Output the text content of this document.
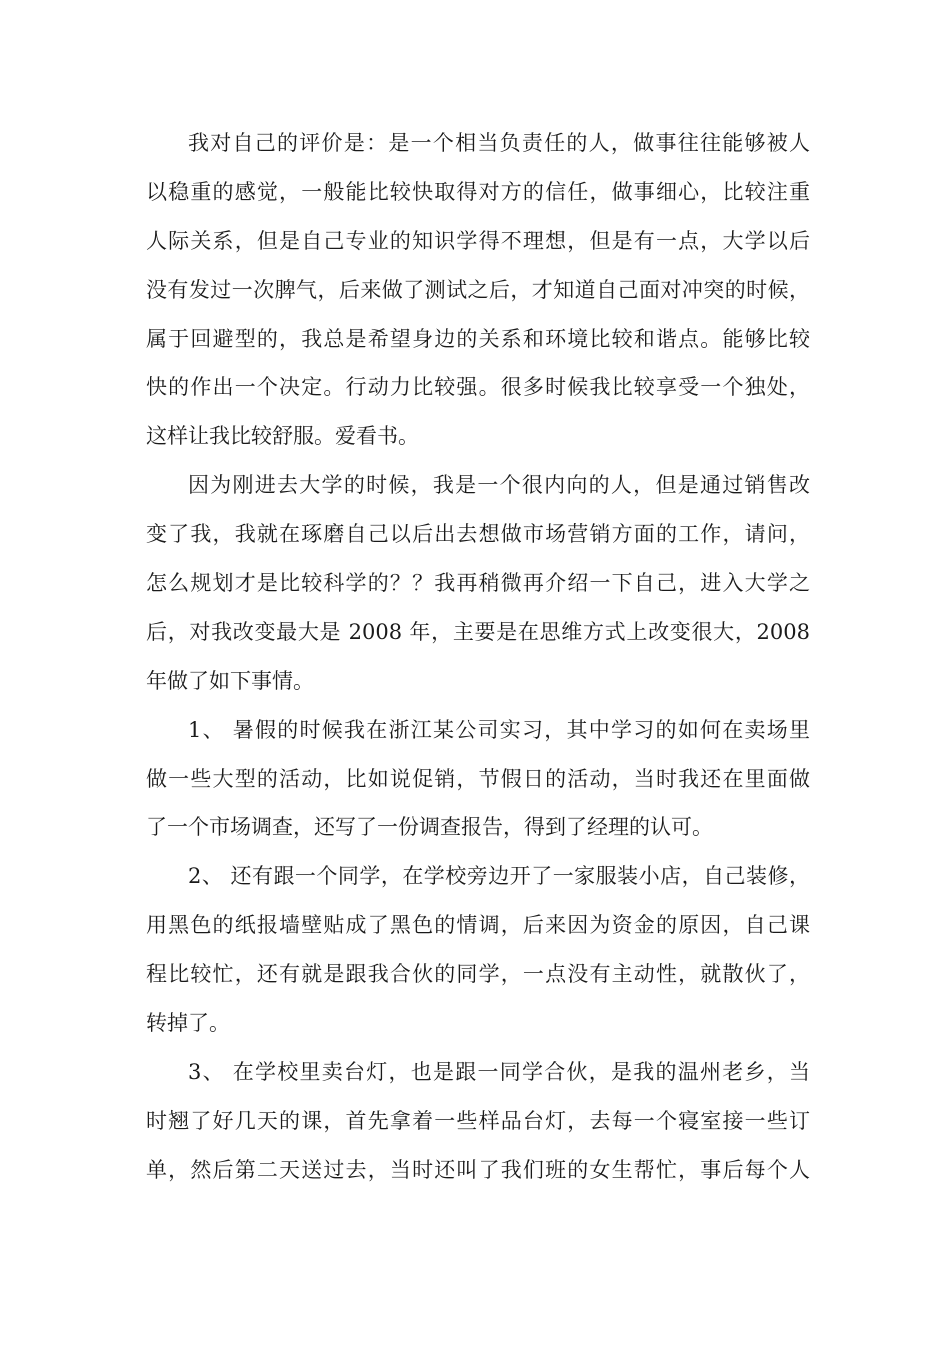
我对自己的评价是：是一个相当负责任的人，做事往往能够被人
以稳重的感觉，一般能比较快取得对方的信任，做事细心，比较注重
人际关系，但是自己专业的知识学得不理想，但是有一点，大学以后
没有发过一次脾气，后来做了测试之后，才知道自己面对冲突的时候，
属于回避型的，我总是希望身边的关系和环境比较和谐点。能够比较
快的作出一个决定。行动力比较强。很多时候我比较享受一个独处，
这样让我比较舒服。爱看书。
因为刚进去大学的时候，我是一个很内向的人，但是通过销售改
变了我，我就在琢磨自己以后出去想做市场营销方面的工作，请问，
怎么规划才是比较科学的？？我再稍微再介绍一下自己，进入大学之
后，对我改变最大是 2008 年，主要是在思维方式上改变很大，2008
年做了如下事情。
1、 暑假的时候我在浙江某公司实习，其中学习的如何在卖场里
做一些大型的活动，比如说促销，节假日的活动，当时我还在里面做
了一个市场调查，还写了一份调查报告，得到了经理的认可。
2、 还有跟一个同学，在学校旁边开了一家服装小店，自己装修，
用黑色的纸报墙壁贴成了黑色的情调，后来因为资金的原因，自己课
程比较忙，还有就是跟我合伙的同学，一点没有主动性，就散伙了，
转掉了。
3、 在学校里卖台灯，也是跟一同学合伙，是我的温州老乡，当
时翘了好几天的课，首先拿着一些样品台灯，去每一个寝室接一些订
单，然后第二天送过去，当时还叫了我们班的女生帮忙，事后每个人
